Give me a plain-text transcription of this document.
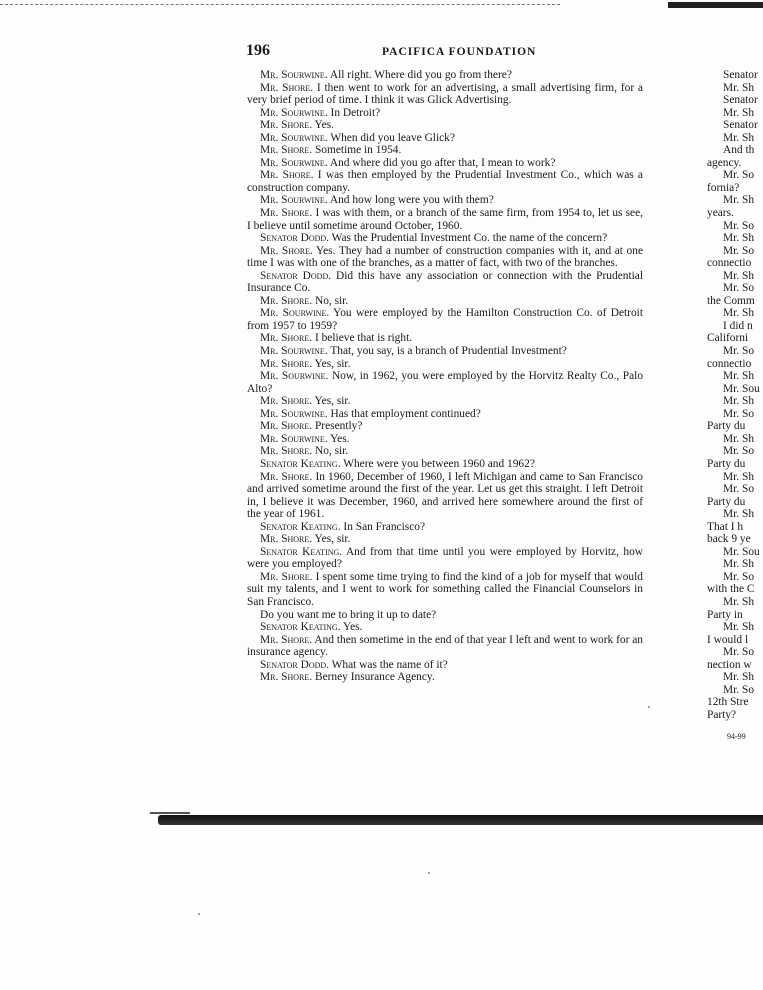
196	PACIFICA FOUNDATION

Mr. Sourwine. All right. Where did you go from there?

Mr. Shore. I then went to work for an advertising, a small advertising firm, for a very brief period of time. I think it was Glick Advertising.

Mr. Sourwine. In Detroit?

Mr. Shore. Yes.

Mr. Sourwine. When did you leave Glick?

Mr. Shore. Sometime in 1954.

Mr. Sourwine. And where did you go after that, I mean to work?

Mr. Shore. I was then employed by the Prudential Investment Co., which was a construction company.

Mr. Sourwine. And how long were you with them?

Mr. Shore. I was with them, or a branch of the same firm, from 1954 to, let us see, I believe until sometime around October, 1960.

Senator Dodd. Was the Prudential Investment Co. the name of the concern?

Mr. Shore. Yes. They had a number of construction companies with it, and at one time I was with one of the branches, as a matter of fact, with two of the branches.

Senator Dodd. Did this have any association or connection with the Prudential Insurance Co.

Mr. Shore. No, sir.

Mr. Sourwine. You were employed by the Hamilton Construction Co. of Detroit from 1957 to 1959?

Mr. Shore. I believe that is right.

Mr. Sourwine. That, you say, is a branch of Prudential Investment?

Mr. Shore. Yes, sir.

Mr. Sourwine. Now, in 1962, you were employed by the Horvitz Realty Co., Palo Alto?

Mr. Shore. Yes, sir.

Mr. Sourwine. Has that employment continued?

Mr. Shore. Presently?

Mr. Sourwine. Yes.

Mr. Shore. No, sir.

Senator Keating. Where were you between 1960 and 1962?

Mr. Shore. In 1960, December of 1960, I left Michigan and came to San Francisco and arrived sometime around the first of the year. Let us get this straight. I left Detroit in, I believe it was December, 1960, and arrived here somewhere around the first of the year of 1961.

Senator Keating. In San Francisco?

Mr. Shore. Yes, sir.

Senator Keating. And from that time until you were employed by Horvitz, how were you employed?

Mr. Shore. I spent some time trying to find the kind of a job for myself that would suit my talents, and I went to work for something called the Financial Counselors in San Francisco.

Do you want me to bring it up to date?

Senator Keating. Yes.

Mr. Shore. And then sometime in the end of that year I left and went to work for an insurance agency.

Senator Dodd. What was the name of it?

Mr. Shore. Berney Insurance Agency.

Senator
Mr. Sh
Senator
Mr. Sh
Senator
Mr. Sh
And th
agency.
Mr. So
fornia?
Mr. Sh
years.
Mr. So
Mr. Sh
Mr. So
connectio
Mr. Sh
Mr. So
the Comm
Mr. Sh
I did n
Californi
Mr. So
connectio
Mr. Sh
Mr. Sou
Mr. Sh
Mr. So
Party du
Mr. Sh
Mr. So
Party du
Mr. Sh
Mr. So
Party du
Mr. Sh
That I h
back 9 ye
Mr. Sou
Mr. Sh
Mr. So
with the C
Mr. Sh
Party in
Mr. Sh
I would l
Mr. So
nection w
Mr. Sh
Mr. So
12th Stre
Party?
94-99
